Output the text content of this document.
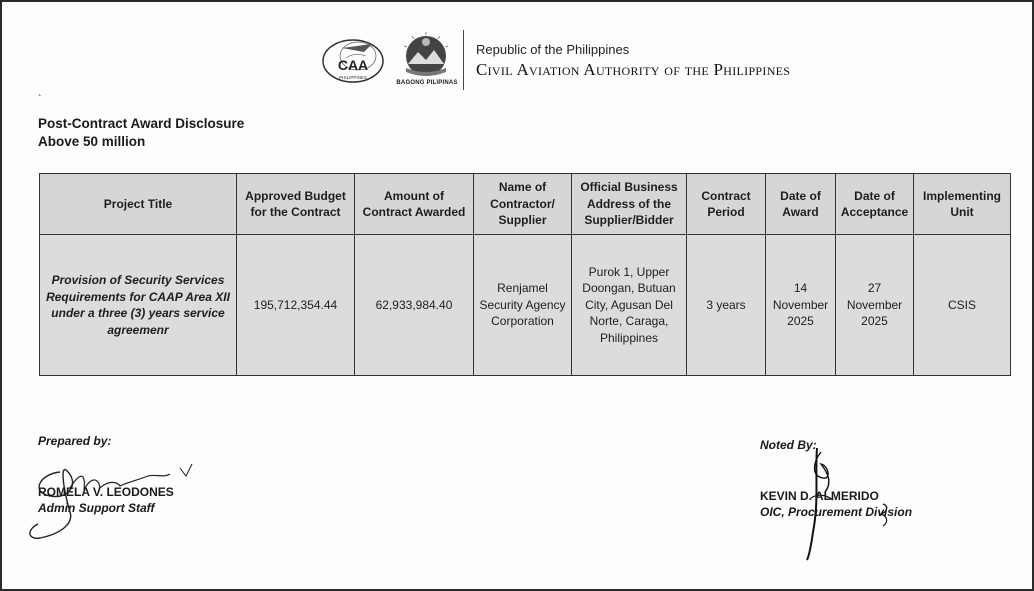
CAA
PHILIPPINES
BAGONG PILIPINAS
Republic of the Philippines
Civil Aviation Authority of the Philippines
`
Post-Contract Award Disclosure
Above 50 million
Project Title	Approved Budget for the Contract	Amount of Contract Awarded	Name of Contractor/ Supplier	Official Business Address of the Supplier/Bidder	Contract Period	Date of Award	Date of Acceptance	Implementing Unit
Provision of Security Services Requirements for CAAP Area XII under a three (3) years service agreemenr	195,712,354.44	62,933,984.40	Renjamel Security Agency Corporation	Purok 1, Upper Doongan, Butuan City, Agusan Del Norte, Caraga, Philippines	3 years	14 November 2025	27 November 2025	CSIS
Prepared by:
ROMELA V. LEODONES
Admin Support Staff
Noted By:
KEVIN D. ALMERIDO
OIC, Procurement Division
